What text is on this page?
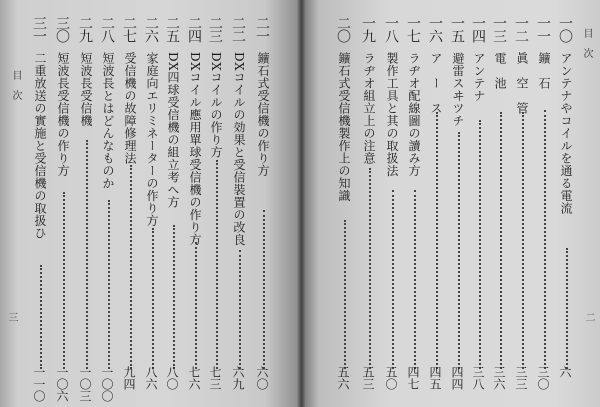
目　次
三
三一
二重放送の實施と受信機の取扱ひ
一一〇
三〇
短波長受信機の作り方
一〇六
二九
短波長受信機
一〇三
二八
短波長とはどんなものか
一〇〇
二七
受信機の故障修理法
九四
二六
家庭向エリミネーターの作り方
八六
二五
DX四球受信機の組立考へ方
八〇
二四
DXコイル應用單球受信機の作り方
七六
二三
DXコイルの作り方
七三
二二
DXコイルの効果と受信裝置の改良
六九
二一
鑛石式受信機の作り方
六〇
二〇
鑛石式受信機製作上の知識
五六
一九
ラヂオ組立上の注意
五三
一八
製作工具と其の取扱法
五〇
一七
ラヂオ配線圖の讀み方
四七
一六
ア　ー　ス
四五
一五
避雷スヰツチ
四四
一四
アンテナ
三八
一三
電　池
三六
一二
眞　空　管
三三
一一
鑛　石
三〇
一〇
アンテナやコイルを通る電流
六
目　次
二
